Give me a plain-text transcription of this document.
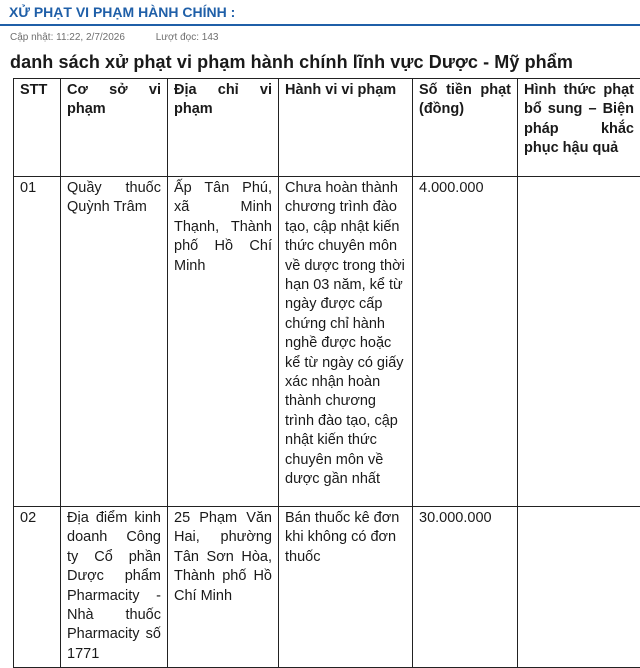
XỬ PHẠT VI PHẠM HÀNH CHÍNH :
Cập nhật: 11:22, 2/7/2026	Lượt đọc: 143
danh sách xử phạt vi phạm hành chính lĩnh vực Dược - Mỹ phẩm
STT	Cơ sở vi phạm	Địa chỉ vi phạm	Hành vi vi phạm	Số tiền phạt (đồng)	Hình thức phạt bổ sung – Biện pháp khắc phục hậu quả
01	Quầy thuốc Quỳnh Trâm	Ấp Tân Phú, xã Minh Thạnh, Thành phố Hồ Chí Minh	Chưa hoàn thành chương trình đào tạo, cập nhật kiến thức chuyên môn về dược trong thời hạn 03 năm, kể từ ngày được cấp chứng chỉ hành nghề được hoặc kể từ ngày có giấy xác nhận hoàn thành chương trình đào tạo, cập nhật kiến thức chuyên môn về dược gần nhất	4.000.000	
02	Địa điểm kinh doanh Công ty Cổ phần Dược phẩm Pharmacity - Nhà thuốc Pharmacity số 1771	25 Phạm Văn Hai, phường Tân Sơn Hòa, Thành phố Hồ Chí Minh	Bán thuốc kê đơn khi không có đơn thuốc	30.000.000	
